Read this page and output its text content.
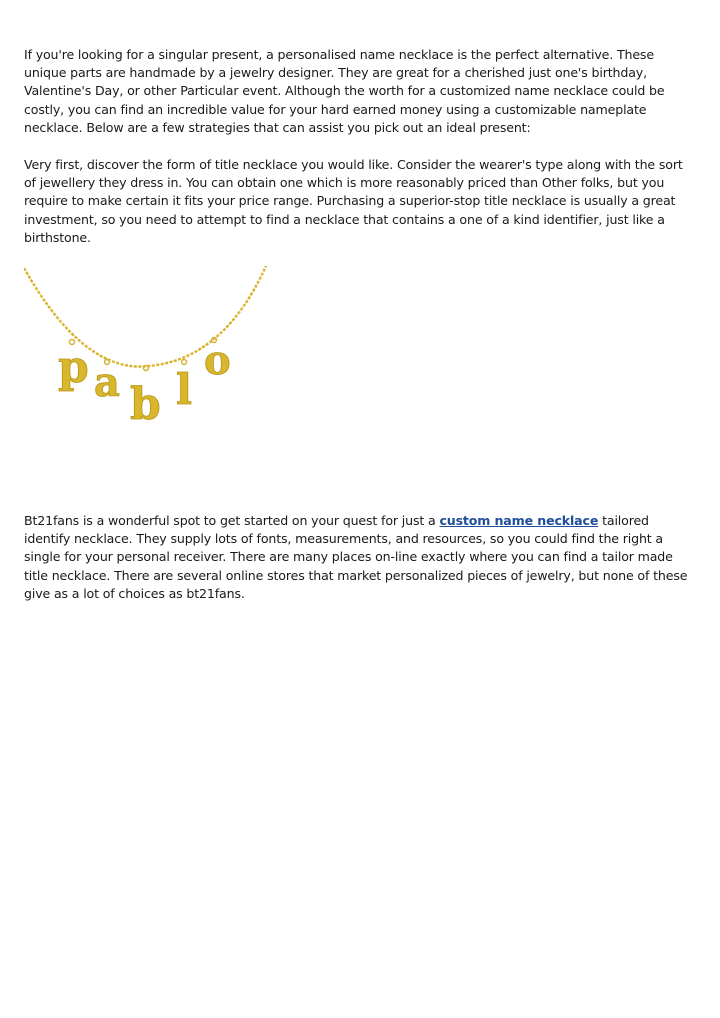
If you're looking for a singular present, a personalised name necklace is the perfect alternative. These unique parts are handmade by a jewelry designer. They are great for a cherished just one's birthday, Valentine's Day, or other Particular event. Although the worth for a customized name necklace could be costly, you can find an incredible value for your hard earned money using a customizable nameplate necklace. Below are a few strategies that can assist you pick out an ideal present:

Very first, discover the form of title necklace you would like. Consider the wearer's type along with the sort of jewellery they dress in. You can obtain one which is more reasonably priced than Other folks, but you require to make certain it fits your price range. Purchasing a superior-stop title necklace is usually a great investment, so you need to attempt to find a necklace that contains a one of a kind identifier, just like a birthstone.

p a b l
o

Bt21fans is a wonderful spot to get started on your quest for just a custom name necklace tailored identify necklace. They supply lots of fonts, measurements, and resources, so you could find the right a single for your personal receiver. There are many places on-line exactly where you can find a tailor made title necklace. There are several online stores that market personalized pieces of jewelry, but none of these give as a lot of choices as bt21fans.
